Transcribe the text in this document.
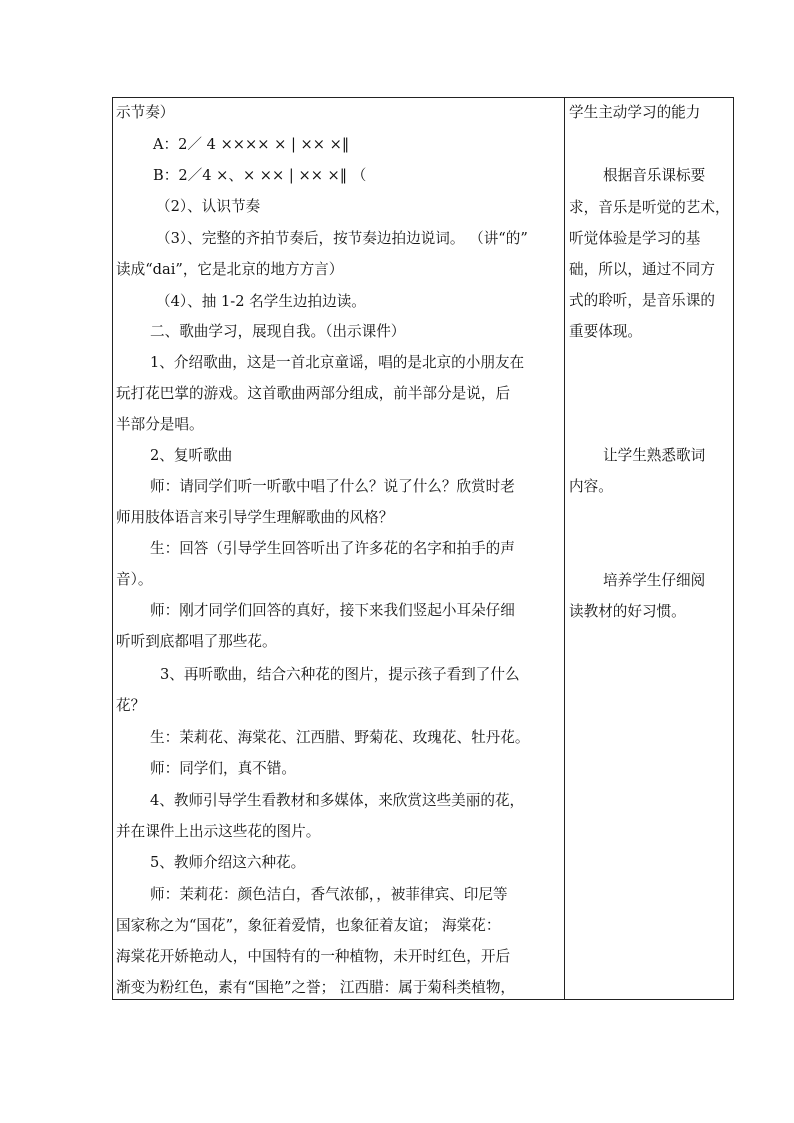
示节奏）
A：2／ 4 ×××× × | ×× ×‖
B：2／4 ×、× ×× | ×× ×‖ （
（2）、认识节奏
（3）、完整的齐拍节奏后，按节奏边拍边说词。 （讲“的”
读成“dai”，它是北京的地方方言）
（4）、抽 1-2 名学生边拍边读。
二、歌曲学习，展现自我。（出示课件）
1、介绍歌曲，这是一首北京童谣，唱的是北京的小朋友在
玩打花巴掌的游戏。这首歌曲两部分组成，前半部分是说，后
半部分是唱。
2、复听歌曲
师：请同学们听一听歌中唱了什么？说了什么？欣赏时老
师用肢体语言来引导学生理解歌曲的风格？
生：回答（引导学生回答听出了许多花的名字和拍手的声
音）。
师：刚才同学们回答的真好，接下来我们竖起小耳朵仔细
听听到底都唱了那些花。
3、再听歌曲，结合六种花的图片，提示孩子看到了什么
花？
生：茉莉花、海棠花、江西腊、野菊花、玫瑰花、牡丹花。
师：同学们，真不错。
4、教师引导学生看教材和多媒体，来欣赏这些美丽的花，
并在课件上出示这些花的图片。
5、教师介绍这六种花。
师：茉莉花：颜色洁白，香气浓郁，，被菲律宾、印尼等
国家称之为“国花”，象征着爱情，也象征着友谊； 海棠花：
海棠花开娇艳动人，中国特有的一种植物，未开时红色，开后
渐变为粉红色，素有“国艳”之誉； 江西腊：属于菊科类植物，
学生主动学习的能力
根据音乐课标要
求，音乐是听觉的艺术，
听觉体验是学习的基
础，所以，通过不同方
式的聆听，是音乐课的
重要体现。
让学生熟悉歌词
内容。
培养学生仔细阅
读教材的好习惯。
